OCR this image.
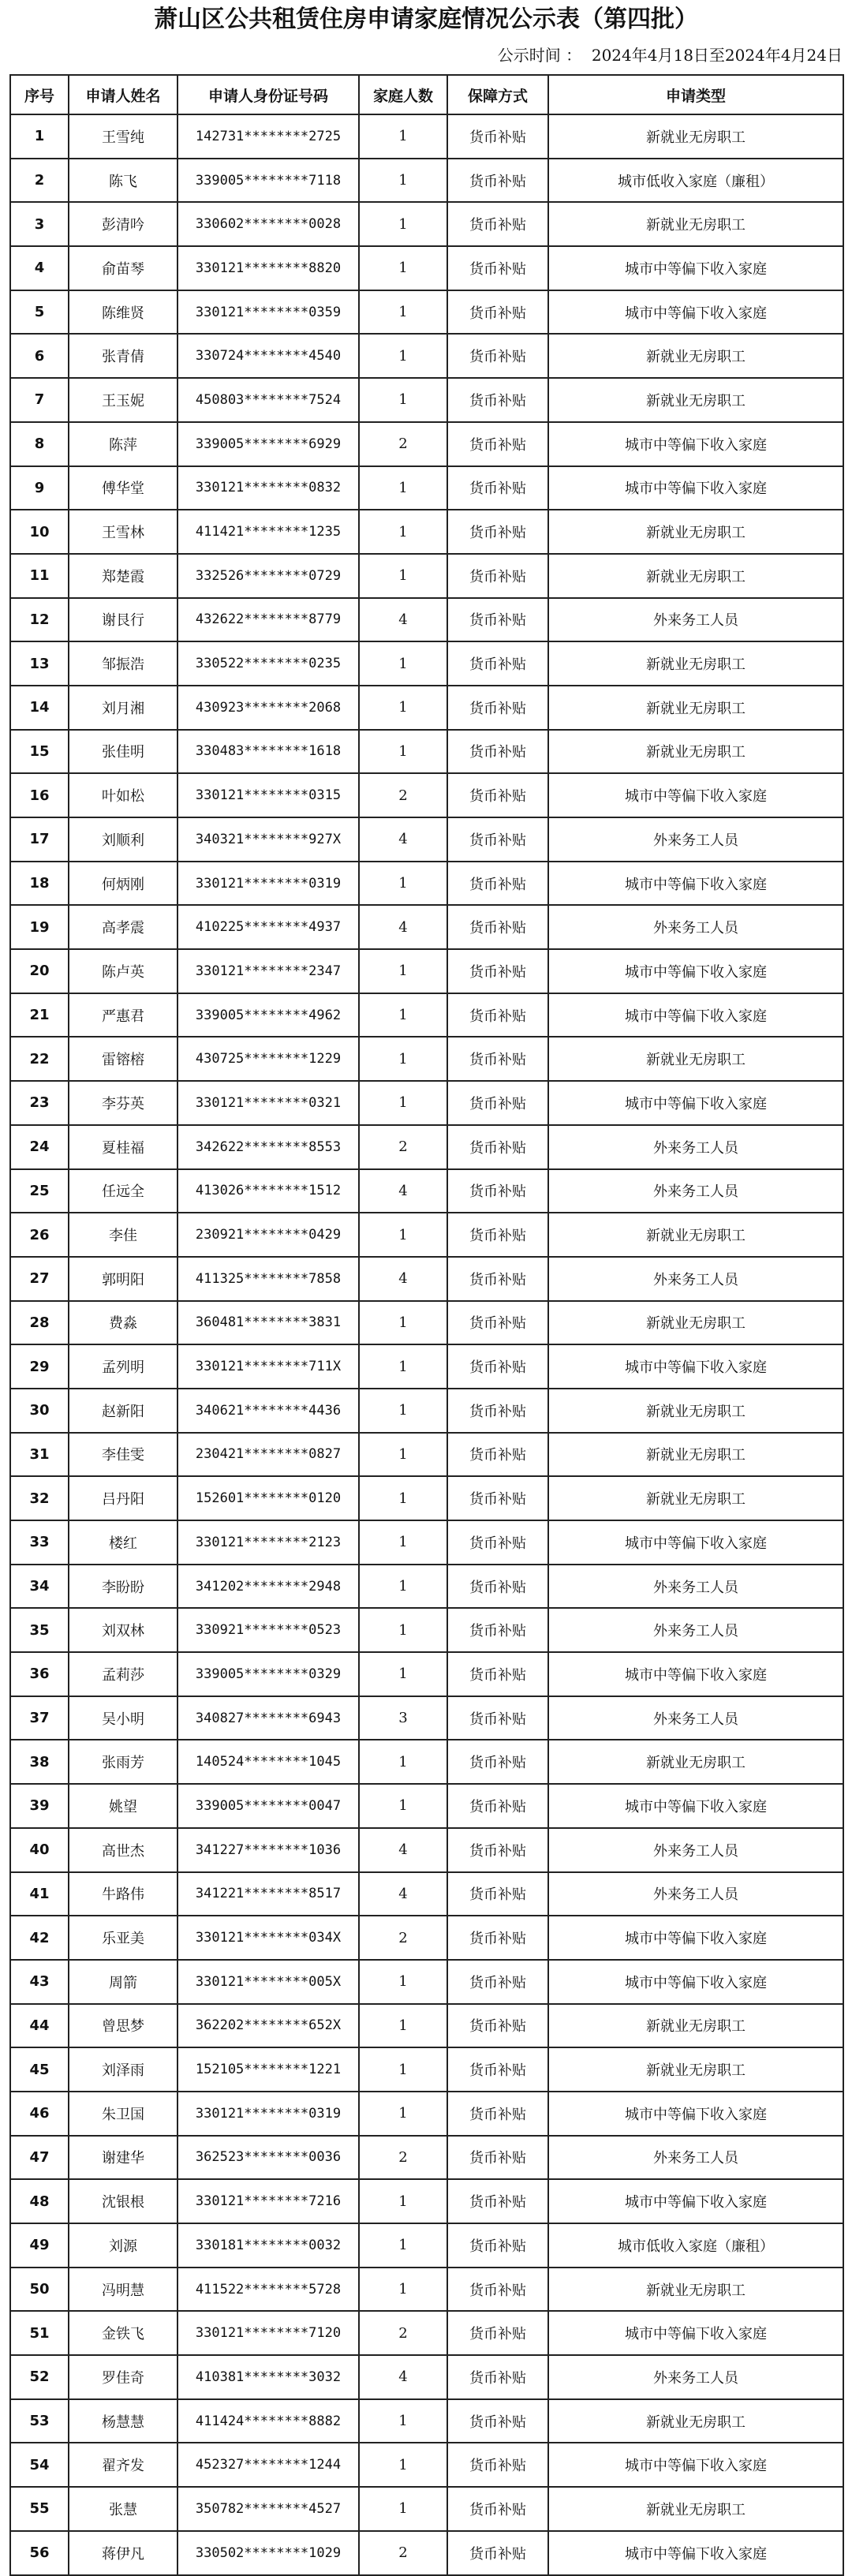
萧山区公共租赁住房申请家庭情况公示表（第四批）
公示时间 ： 2024年4月18日至2024年4月24日
序号	申请人姓名	申请人身份证号码	家庭人数	保障方式	申请类型
1	王雪纯	142731********2725	1	货币补贴	新就业无房职工
2	陈飞	339005********7118	1	货币补贴	城市低收入家庭（廉租）
3	彭清吟	330602********0028	1	货币补贴	新就业无房职工
4	俞苗琴	330121********8820	1	货币补贴	城市中等偏下收入家庭
5	陈维贤	330121********0359	1	货币补贴	城市中等偏下收入家庭
6	张青倩	330724********4540	1	货币补贴	新就业无房职工
7	王玉妮	450803********7524	1	货币补贴	新就业无房职工
8	陈萍	339005********6929	2	货币补贴	城市中等偏下收入家庭
9	傅华堂	330121********0832	1	货币补贴	城市中等偏下收入家庭
10	王雪林	411421********1235	1	货币补贴	新就业无房职工
11	郑楚霞	332526********0729	1	货币补贴	新就业无房职工
12	谢艮行	432622********8779	4	货币补贴	外来务工人员
13	邹振浩	330522********0235	1	货币补贴	新就业无房职工
14	刘月湘	430923********2068	1	货币补贴	新就业无房职工
15	张佳明	330483********1618	1	货币补贴	新就业无房职工
16	叶如松	330121********0315	2	货币补贴	城市中等偏下收入家庭
17	刘顺利	340321********927X	4	货币补贴	外来务工人员
18	何炳刚	330121********0319	1	货币补贴	城市中等偏下收入家庭
19	高孝震	410225********4937	4	货币补贴	外来务工人员
20	陈卢英	330121********2347	1	货币补贴	城市中等偏下收入家庭
21	严惠君	339005********4962	1	货币补贴	城市中等偏下收入家庭
22	雷镕榕	430725********1229	1	货币补贴	新就业无房职工
23	李芬英	330121********0321	1	货币补贴	城市中等偏下收入家庭
24	夏桂福	342622********8553	2	货币补贴	外来务工人员
25	任远全	413026********1512	4	货币补贴	外来务工人员
26	李佳	230921********0429	1	货币补贴	新就业无房职工
27	郭明阳	411325********7858	4	货币补贴	外来务工人员
28	费淼	360481********3831	1	货币补贴	新就业无房职工
29	孟列明	330121********711X	1	货币补贴	城市中等偏下收入家庭
30	赵新阳	340621********4436	1	货币补贴	新就业无房职工
31	李佳雯	230421********0827	1	货币补贴	新就业无房职工
32	吕丹阳	152601********0120	1	货币补贴	新就业无房职工
33	楼红	330121********2123	1	货币补贴	城市中等偏下收入家庭
34	李盼盼	341202********2948	1	货币补贴	外来务工人员
35	刘双林	330921********0523	1	货币补贴	外来务工人员
36	孟莉莎	339005********0329	1	货币补贴	城市中等偏下收入家庭
37	吴小明	340827********6943	3	货币补贴	外来务工人员
38	张雨芳	140524********1045	1	货币补贴	新就业无房职工
39	姚望	339005********0047	1	货币补贴	城市中等偏下收入家庭
40	高世杰	341227********1036	4	货币补贴	外来务工人员
41	牛路伟	341221********8517	4	货币补贴	外来务工人员
42	乐亚美	330121********034X	2	货币补贴	城市中等偏下收入家庭
43	周箭	330121********005X	1	货币补贴	城市中等偏下收入家庭
44	曾思梦	362202********652X	1	货币补贴	新就业无房职工
45	刘泽雨	152105********1221	1	货币补贴	新就业无房职工
46	朱卫国	330121********0319	1	货币补贴	城市中等偏下收入家庭
47	谢建华	362523********0036	2	货币补贴	外来务工人员
48	沈银根	330121********7216	1	货币补贴	城市中等偏下收入家庭
49	刘源	330181********0032	1	货币补贴	城市低收入家庭（廉租）
50	冯明慧	411522********5728	1	货币补贴	新就业无房职工
51	金铁飞	330121********7120	2	货币补贴	城市中等偏下收入家庭
52	罗佳奇	410381********3032	4	货币补贴	外来务工人员
53	杨慧慧	411424********8882	1	货币补贴	新就业无房职工
54	翟齐发	452327********1244	1	货币补贴	城市中等偏下收入家庭
55	张慧	350782********4527	1	货币补贴	新就业无房职工
56	蒋伊凡	330502********1029	2	货币补贴	城市中等偏下收入家庭
